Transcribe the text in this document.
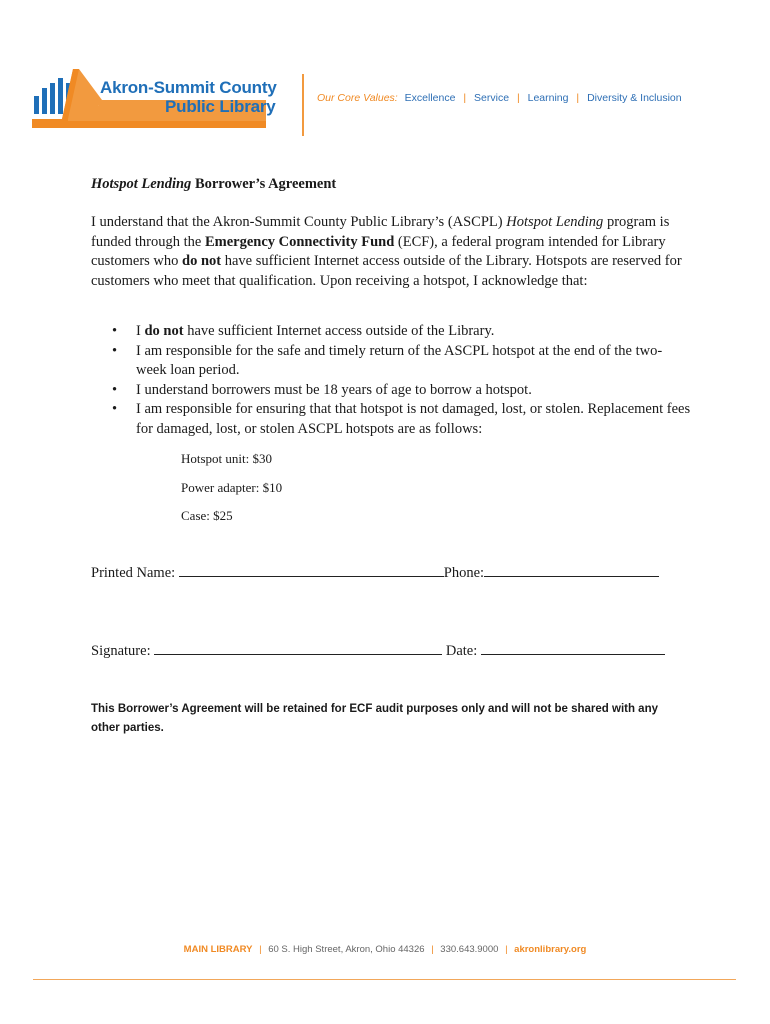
Akron-Summit County
Public Library	Our Core Values: Excellence | Service | Learning | Diversity & Inclusion
Hotspot Lending Borrower’s Agreement
I understand that the Akron-Summit County Public Library’s (ASCPL) Hotspot Lending program is funded through the Emergency Connectivity Fund (ECF), a federal program intended for Library customers who do not have sufficient Internet access outside of the Library. Hotspots are reserved for customers who meet that qualification. Upon receiving a hotspot, I acknowledge that:
• I do not have sufficient Internet access outside of the Library.
• I am responsible for the safe and timely return of the ASCPL hotspot at the end of the two-week loan period.
• I understand borrowers must be 18 years of age to borrow a hotspot.
• I am responsible for ensuring that that hotspot is not damaged, lost, or stolen. Replacement fees for damaged, lost, or stolen ASCPL hotspots are as follows:
Hotspot unit: $30
Power adapter: $10
Case: $25
Printed Name:	Phone:
Signature:	Date:
This Borrower’s Agreement will be retained for ECF audit purposes only and will not be shared with any other parties.
MAIN LIBRARY | 60 S. High Street, Akron, Ohio 44326 | 330.643.9000 | akronlibrary.org
